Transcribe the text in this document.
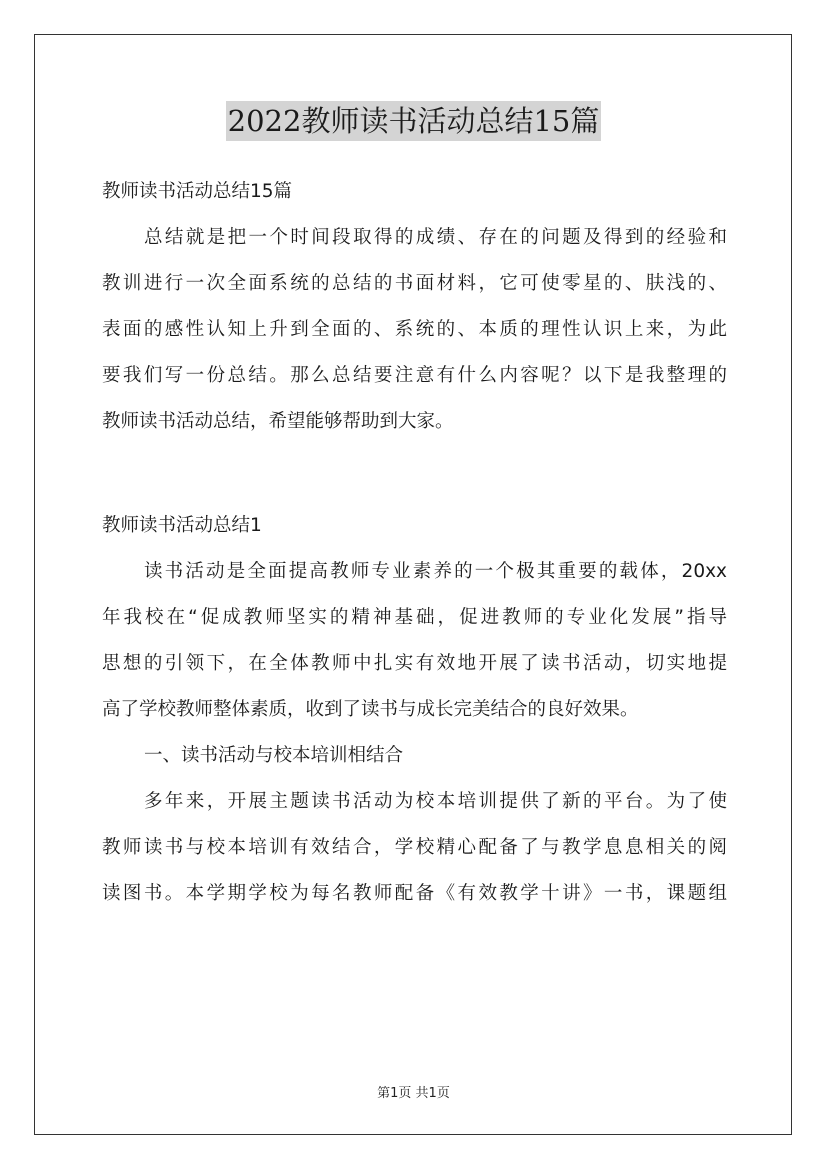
2022教师读书活动总结15篇
教师读书活动总结15篇
总结就是把一个时间段取得的成绩、存在的问题及得到的经验和
教训进行一次全面系统的总结的书面材料，它可使零星的、肤浅的、
表面的感性认知上升到全面的、系统的、本质的理性认识上来，为此
要我们写一份总结。那么总结要注意有什么内容呢？以下是我整理的
教师读书活动总结，希望能够帮助到大家。
教师读书活动总结1
读书活动是全面提高教师专业素养的一个极其重要的载体，20xx
年我校在“促成教师坚实的精神基础，促进教师的专业化发展”指导
思想的引领下，在全体教师中扎实有效地开展了读书活动，切实地提
高了学校教师整体素质，收到了读书与成长完美结合的良好效果。
一、读书活动与校本培训相结合
多年来，开展主题读书活动为校本培训提供了新的平台。为了使
教师读书与校本培训有效结合，学校精心配备了与教学息息相关的阅
读图书。本学期学校为每名教师配备《有效教学十讲》一书，课题组
第1页 共1页
